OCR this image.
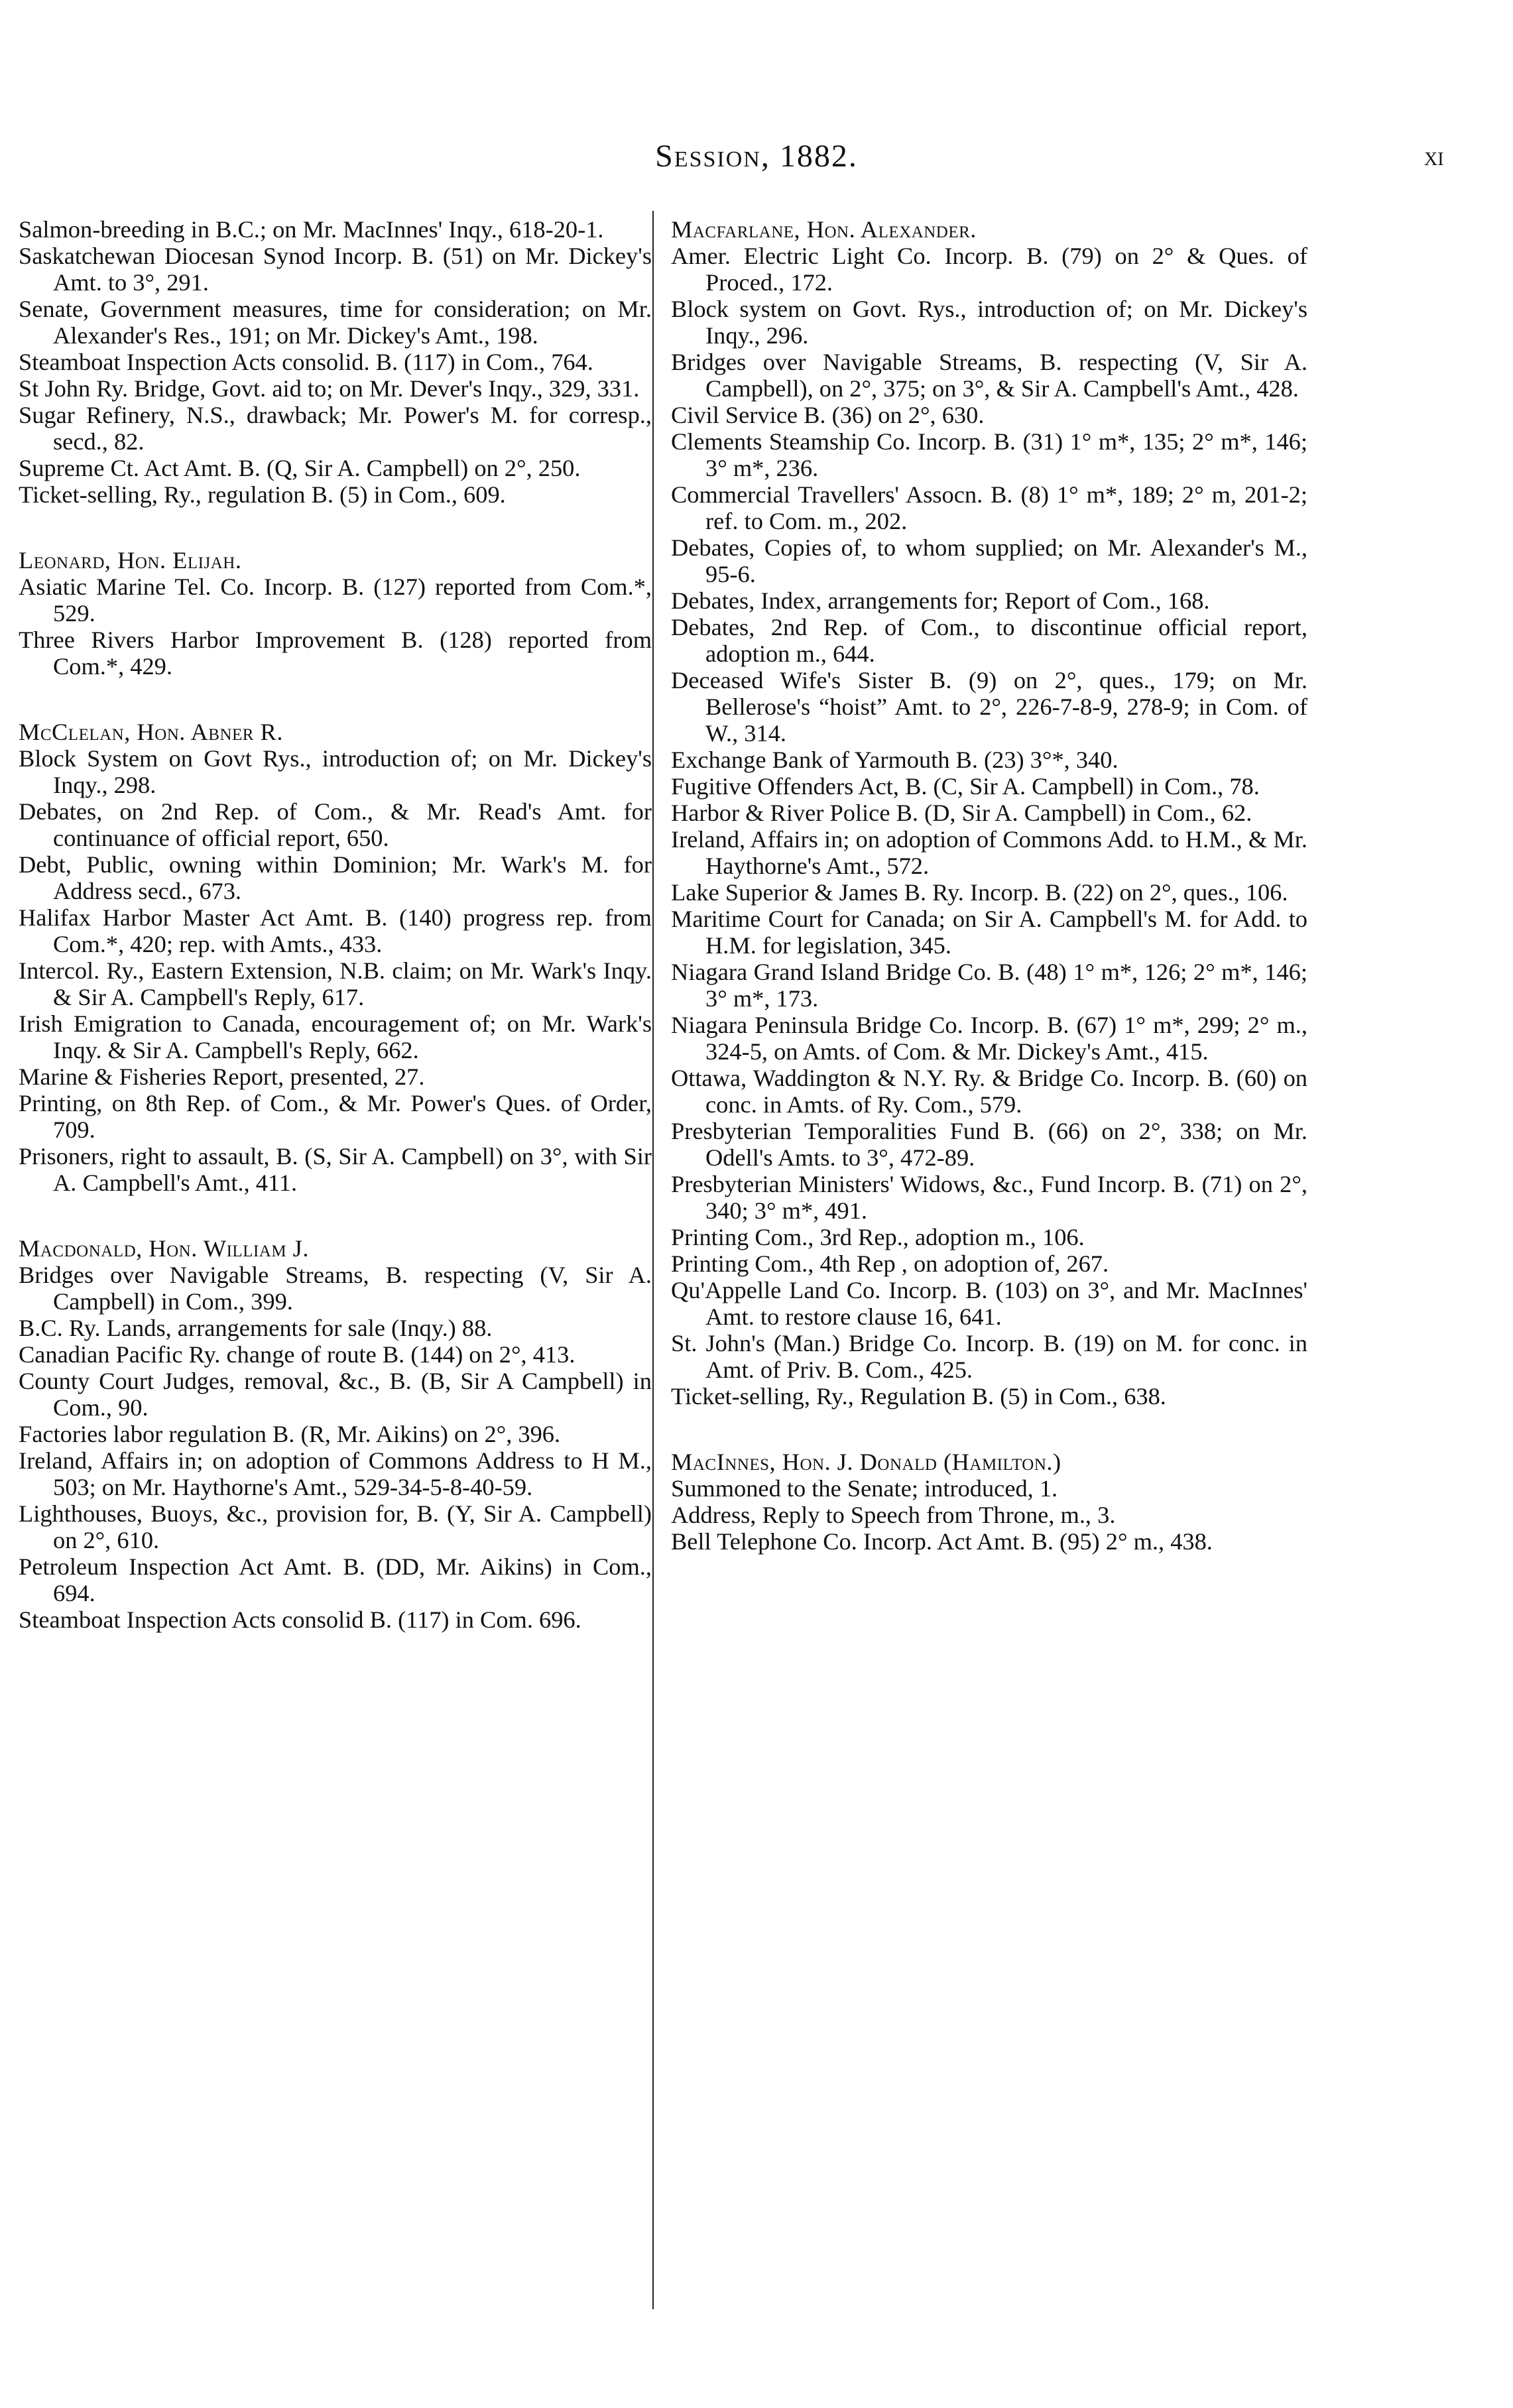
Session, 1882.	xi
Salmon-breeding in B.C.; on Mr. MacInnes' Inqy., 618-20-1.
Saskatchewan Diocesan Synod Incorp. B. (51) on Mr. Dickey's Amt. to 3°, 291.
Senate, Government measures, time for consideration; on Mr. Alexander's Res., 191; on Mr. Dickey's Amt., 198.
Steamboat Inspection Acts consolid. B. (117) in Com., 764.
St John Ry. Bridge, Govt. aid to; on Mr. Dever's Inqy., 329, 331.
Sugar Refinery, N.S., drawback; Mr. Power's M. for corresp., secd., 82.
Supreme Ct. Act Amt. B. (Q, Sir A. Campbell) on 2°, 250.
Ticket-selling, Ry., regulation B. (5) in Com., 609.
Leonard, Hon. Elijah.
Asiatic Marine Tel. Co. Incorp. B. (127) reported from Com.*, 529.
Three Rivers Harbor Improvement B. (128) reported from Com.*, 429.
McClelan, Hon. Abner R.
Block System on Govt Rys., introduction of; on Mr. Dickey's Inqy., 298.
Debates, on 2nd Rep. of Com., & Mr. Read's Amt. for continuance of official report, 650.
Debt, Public, owning within Dominion; Mr. Wark's M. for Address secd., 673.
Halifax Harbor Master Act Amt. B. (140) progress rep. from Com.*, 420; rep. with Amts., 433.
Intercol. Ry., Eastern Extension, N.B. claim; on Mr. Wark's Inqy. & Sir A. Campbell's Reply, 617.
Irish Emigration to Canada, encouragement of; on Mr. Wark's Inqy. & Sir A. Campbell's Reply, 662.
Marine & Fisheries Report, presented, 27.
Printing, on 8th Rep. of Com., & Mr. Power's Ques. of Order, 709.
Prisoners, right to assault, B. (S, Sir A. Campbell) on 3°, with Sir A. Campbell's Amt., 411.
Macdonald, Hon. William J.
Bridges over Navigable Streams, B. respecting (V, Sir A. Campbell) in Com., 399.
B.C. Ry. Lands, arrangements for sale (Inqy.) 88.
Canadian Pacific Ry. change of route B. (144) on 2°, 413.
County Court Judges, removal, &c., B. (B, Sir A Campbell) in Com., 90.
Factories labor regulation B. (R, Mr. Aikins) on 2°, 396.
Ireland, Affairs in; on adoption of Commons Address to H M., 503; on Mr. Haythorne's Amt., 529-34-5-8-40-59.
Lighthouses, Buoys, &c., provision for, B. (Y, Sir A. Campbell) on 2°, 610.
Petroleum Inspection Act Amt. B. (DD, Mr. Aikins) in Com., 694.
Steamboat Inspection Acts consolid B. (117) in Com. 696.
Macfarlane, Hon. Alexander.
Amer. Electric Light Co. Incorp. B. (79) on 2° & Ques. of Proced., 172.
Block system on Govt. Rys., introduction of; on Mr. Dickey's Inqy., 296.
Bridges over Navigable Streams, B. respecting (V, Sir A. Campbell), on 2°, 375; on 3°, & Sir A. Campbell's Amt., 428.
Civil Service B. (36) on 2°, 630.
Clements Steamship Co. Incorp. B. (31) 1° m*, 135; 2° m*, 146; 3° m*, 236.
Commercial Travellers' Assocn. B. (8) 1° m*, 189; 2° m, 201-2; ref. to Com. m., 202.
Debates, Copies of, to whom supplied; on Mr. Alexander's M., 95-6.
Debates, Index, arrangements for; Report of Com., 168.
Debates, 2nd Rep. of Com., to discontinue official report, adoption m., 644.
Deceased Wife's Sister B. (9) on 2°, ques., 179; on Mr. Bellerose's “hoist” Amt. to 2°, 226-7-8-9, 278-9; in Com. of W., 314.
Exchange Bank of Yarmouth B. (23) 3°*, 340.
Fugitive Offenders Act, B. (C, Sir A. Campbell) in Com., 78.
Harbor & River Police B. (D, Sir A. Campbell) in Com., 62.
Ireland, Affairs in; on adoption of Commons Add. to H.M., & Mr. Haythorne's Amt., 572.
Lake Superior & James B. Ry. Incorp. B. (22) on 2°, ques., 106.
Maritime Court for Canada; on Sir A. Campbell's M. for Add. to H.M. for legislation, 345.
Niagara Grand Island Bridge Co. B. (48) 1° m*, 126; 2° m*, 146; 3° m*, 173.
Niagara Peninsula Bridge Co. Incorp. B. (67) 1° m*, 299; 2° m., 324-5, on Amts. of Com. & Mr. Dickey's Amt., 415.
Ottawa, Waddington & N.Y. Ry. & Bridge Co. Incorp. B. (60) on conc. in Amts. of Ry. Com., 579.
Presbyterian Temporalities Fund B. (66) on 2°, 338; on Mr. Odell's Amts. to 3°, 472-89.
Presbyterian Ministers' Widows, &c., Fund Incorp. B. (71) on 2°, 340; 3° m*, 491.
Printing Com., 3rd Rep., adoption m., 106.
Printing Com., 4th Rep , on adoption of, 267.
Qu'Appelle Land Co. Incorp. B. (103) on 3°, and Mr. MacInnes' Amt. to restore clause 16, 641.
St. John's (Man.) Bridge Co. Incorp. B. (19) on M. for conc. in Amt. of Priv. B. Com., 425.
Ticket-selling, Ry., Regulation B. (5) in Com., 638.
MacInnes, Hon. J. Donald (Hamilton.)
Summoned to the Senate; introduced, 1.
Address, Reply to Speech from Throne, m., 3.
Bell Telephone Co. Incorp. Act Amt. B. (95) 2° m., 438.
